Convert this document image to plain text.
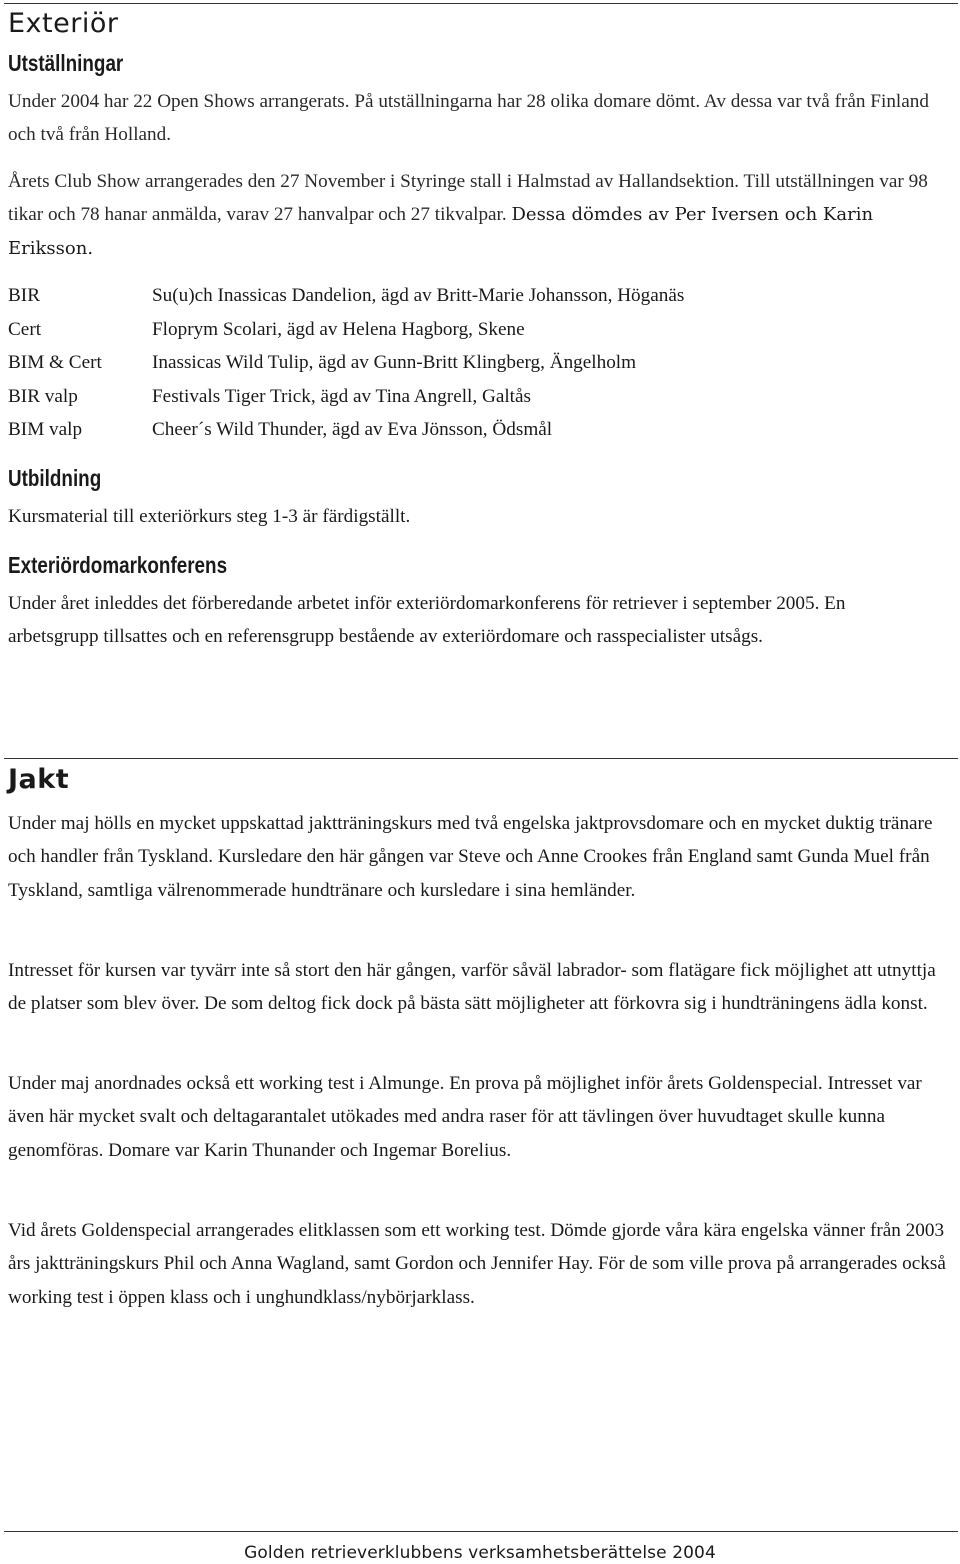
Exteriör
Utställningar

Under 2004 har 22 Open Shows arrangerats. På utställningarna har 28 olika domare dömt. Av dessa var två från Finland och två från Holland.

Årets Club Show arrangerades den 27 November i Styringe stall i Halmstad av Hallandsektion. Till utställningen var 98 tikar och 78 hanar anmälda, varav 27 hanvalpar och 27 tikvalpar. Dessa dömdes av Per Iversen och Karin Eriksson.

BIR	Su(u)ch Inassicas Dandelion, ägd av Britt-Marie Johansson, Höganäs
Cert	Floprym Scolari, ägd av Helena Hagborg, Skene
BIM & Cert	Inassicas Wild Tulip, ägd av Gunn-Britt Klingberg, Ängelholm
BIR valp	Festivals Tiger Trick, ägd av Tina Angrell, Galtås
BIM valp	Cheer´s Wild Thunder, ägd av Eva Jönsson, Ödsmål
Utbildning

Kursmaterial till exteriörkurs steg 1-3 är färdigställt.

Exteriördomarkonferens

Under året inleddes det förberedande arbetet inför exteriördomarkonferens för retriever i september 2005. En arbetsgrupp tillsattes och en referensgrupp bestående av exteriördomare och rasspecialister utsågs.

Jakt

Under maj hölls en mycket uppskattad jaktträningskurs med två engelska jaktprovsdomare och en mycket duktig tränare och handler från Tyskland. Kursledare den här gången var Steve och Anne Crookes från England samt Gunda Muel från Tyskland, samtliga välrenommerade hundtränare och kursledare i sina hemländer.

Intresset för kursen var tyvärr inte så stort den här gången, varför såväl labrador- som flatägare fick möjlighet att utnyttja de platser som blev över. De som deltog fick dock på bästa sätt möjligheter att förkovra sig i hundträningens ädla konst.

Under maj anordnades också ett working test i Almunge. En prova på möjlighet inför årets Goldenspecial. Intresset var även här mycket svalt och deltagarantalet utökades med andra raser för att tävlingen över huvudtaget skulle kunna genomföras. Domare var Karin Thunander och Ingemar Borelius.

Vid årets Goldenspecial arrangerades elitklassen som ett working test. Dömde gjorde våra kära engelska vänner från 2003 års jaktträningskurs Phil och Anna Wagland, samt Gordon och Jennifer Hay. För de som ville prova på arrangerades också working test i öppen klass och i unghundklass/nybörjarklass.

Golden retrieverklubbens verksamhetsberättelse 2004
